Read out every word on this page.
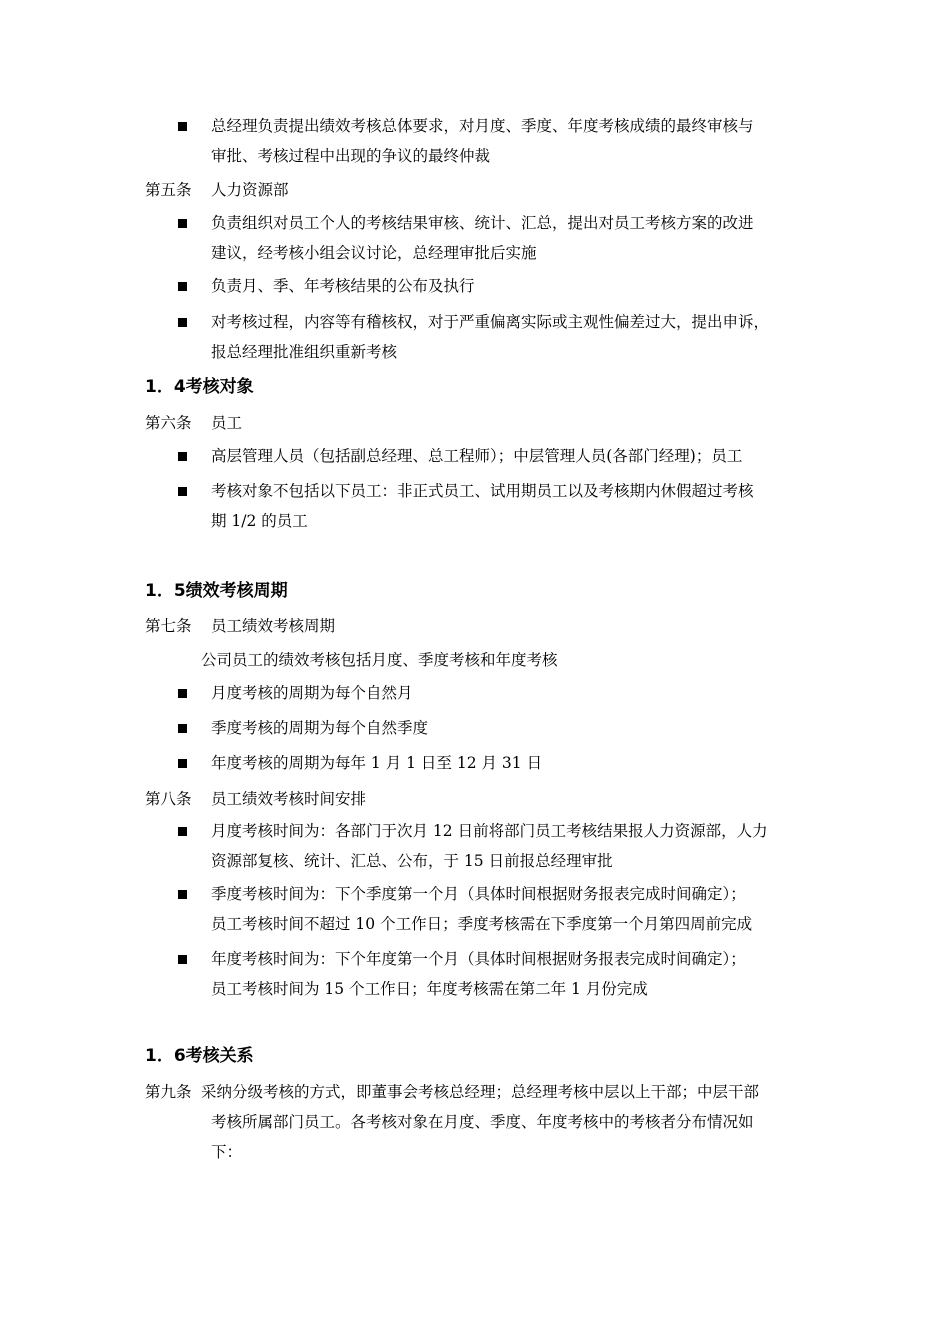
总经理负责提出绩效考核总体要求，对月度、季度、年度考核成绩的最终审核与
审批、考核过程中出现的争议的最终仲裁
第五条 人力资源部
负责组织对员工个人的考核结果审核、统计、汇总，提出对员工考核方案的改进
建议，经考核小组会议讨论，总经理审批后实施
负责月、季、年考核结果的公布及执行
对考核过程，内容等有稽核权，对于严重偏离实际或主观性偏差过大，提出申诉，
报总经理批准组织重新考核
1．4考核对象
第六条 员工
高层管理人员（包括副总经理、总工程师）；中层管理人员(各部门经理)；员工
考核对象不包括以下员工：非正式员工、试用期员工以及考核期内休假超过考核
期 1/2 的员工
1．5绩效考核周期
第七条 员工绩效考核周期
公司员工的绩效考核包括月度、季度考核和年度考核
月度考核的周期为每个自然月
季度考核的周期为每个自然季度
年度考核的周期为每年 1 月 1 日至 12 月 31 日
第八条 员工绩效考核时间安排
月度考核时间为：各部门于次月 12 日前将部门员工考核结果报人力资源部，人力
资源部复核、统计、汇总、公布，于 15 日前报总经理审批
季度考核时间为：下个季度第一个月（具体时间根据财务报表完成时间确定）；
员工考核时间不超过 10 个工作日；季度考核需在下季度第一个月第四周前完成
年度考核时间为：下个年度第一个月（具体时间根据财务报表完成时间确定）；
员工考核时间为 15 个工作日；年度考核需在第二年 1 月份完成
1．6考核关系
第九条 采纳分级考核的方式，即董事会考核总经理；总经理考核中层以上干部；中层干部
考核所属部门员工。各考核对象在月度、季度、年度考核中的考核者分布情况如
下：
